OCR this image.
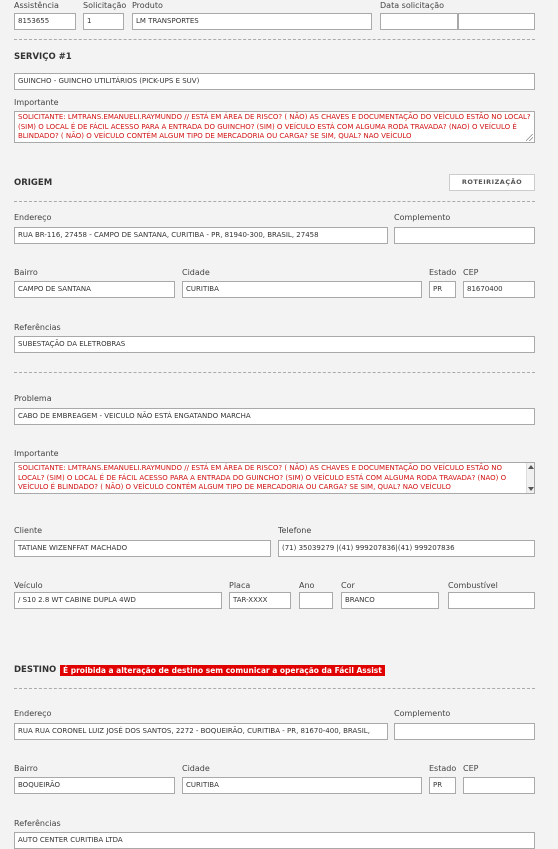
Assistência
8153655
Solicitação
1
Produto
LM TRANSPORTES
Data solicitação
SERVIÇO #1
GUINCHO - GUINCHO UTILITÁRIOS (PICK-UPS E SUV)
Importante
SOLICITANTE: LMTRANS.EMANUELI.RAYMUNDO // ESTÁ EM ÁREA DE RISCO? ( NÃO) AS CHAVES E DOCUMENTAÇÃO DO VEÍCULO ESTÃO NO LOCAL? (SIM) O LOCAL É DE FÁCIL ACESSO PARA A ENTRADA DO GUINCHO? (SIM) O VEÍCULO ESTÁ COM ALGUMA RODA TRAVADA? (NAO) O VEÍCULO É BLINDADO? ( NÃO) O VEÍCULO CONTÉM ALGUM TIPO DE MERCADORIA OU CARGA? SE SIM, QUAL? NAO VEÍCULO
ORIGEM	ROTEIRIZAÇÃO
Endereço
RUA BR-116, 27458 - CAMPO DE SANTANA, CURITIBA - PR, 81940-300, BRASIL, 27458
Complemento
Bairro
CAMPO DE SANTANA
Cidade
CURITIBA
Estado
PR
CEP
81670400
Referências
SUBESTAÇÃO DA ELETROBRAS
Problema
CABO DE EMBREAGEM - VEICULO NÃO ESTÁ ENGATANDO MARCHA
Importante
SOLICITANTE: LMTRANS.EMANUELI.RAYMUNDO // ESTÁ EM ÁREA DE RISCO? ( NÃO) AS CHAVES E DOCUMENTAÇÃO DO VEÍCULO ESTÃO NO LOCAL? (SIM) O LOCAL É DE FÁCIL ACESSO PARA A ENTRADA DO GUINCHO? (SIM) O VEÍCULO ESTÁ COM ALGUMA RODA TRAVADA? (NAO) O VEÍCULO É BLINDADO? ( NÃO) O VEÍCULO CONTÉM ALGUM TIPO DE MERCADORIA OU CARGA? SE SIM, QUAL? NAO VEÍCULO
Cliente
TATIANE WIZENFFAT MACHADO
Telefone
(71) 35039279 |(41) 999207836|(41) 999207836
Veículo
/ S10 2.8 WT CABINE DUPLA 4WD
Placa
TAR-XXXX
Ano	Cor
BRANCO
Combustível
DESTINO É proibida a alteração de destino sem comunicar a operação da Fácil Assist
Endereço
RUA RUA CORONEL LUIZ JOSÉ DOS SANTOS, 2272 - BOQUEIRÃO, CURITIBA - PR, 81670-400, BRASIL,
Complemento
Bairro
BOQUEIRÃO
Cidade
CURITIBA
Estado
PR
CEP
Referências
AUTO CENTER CURITIBA LTDA
